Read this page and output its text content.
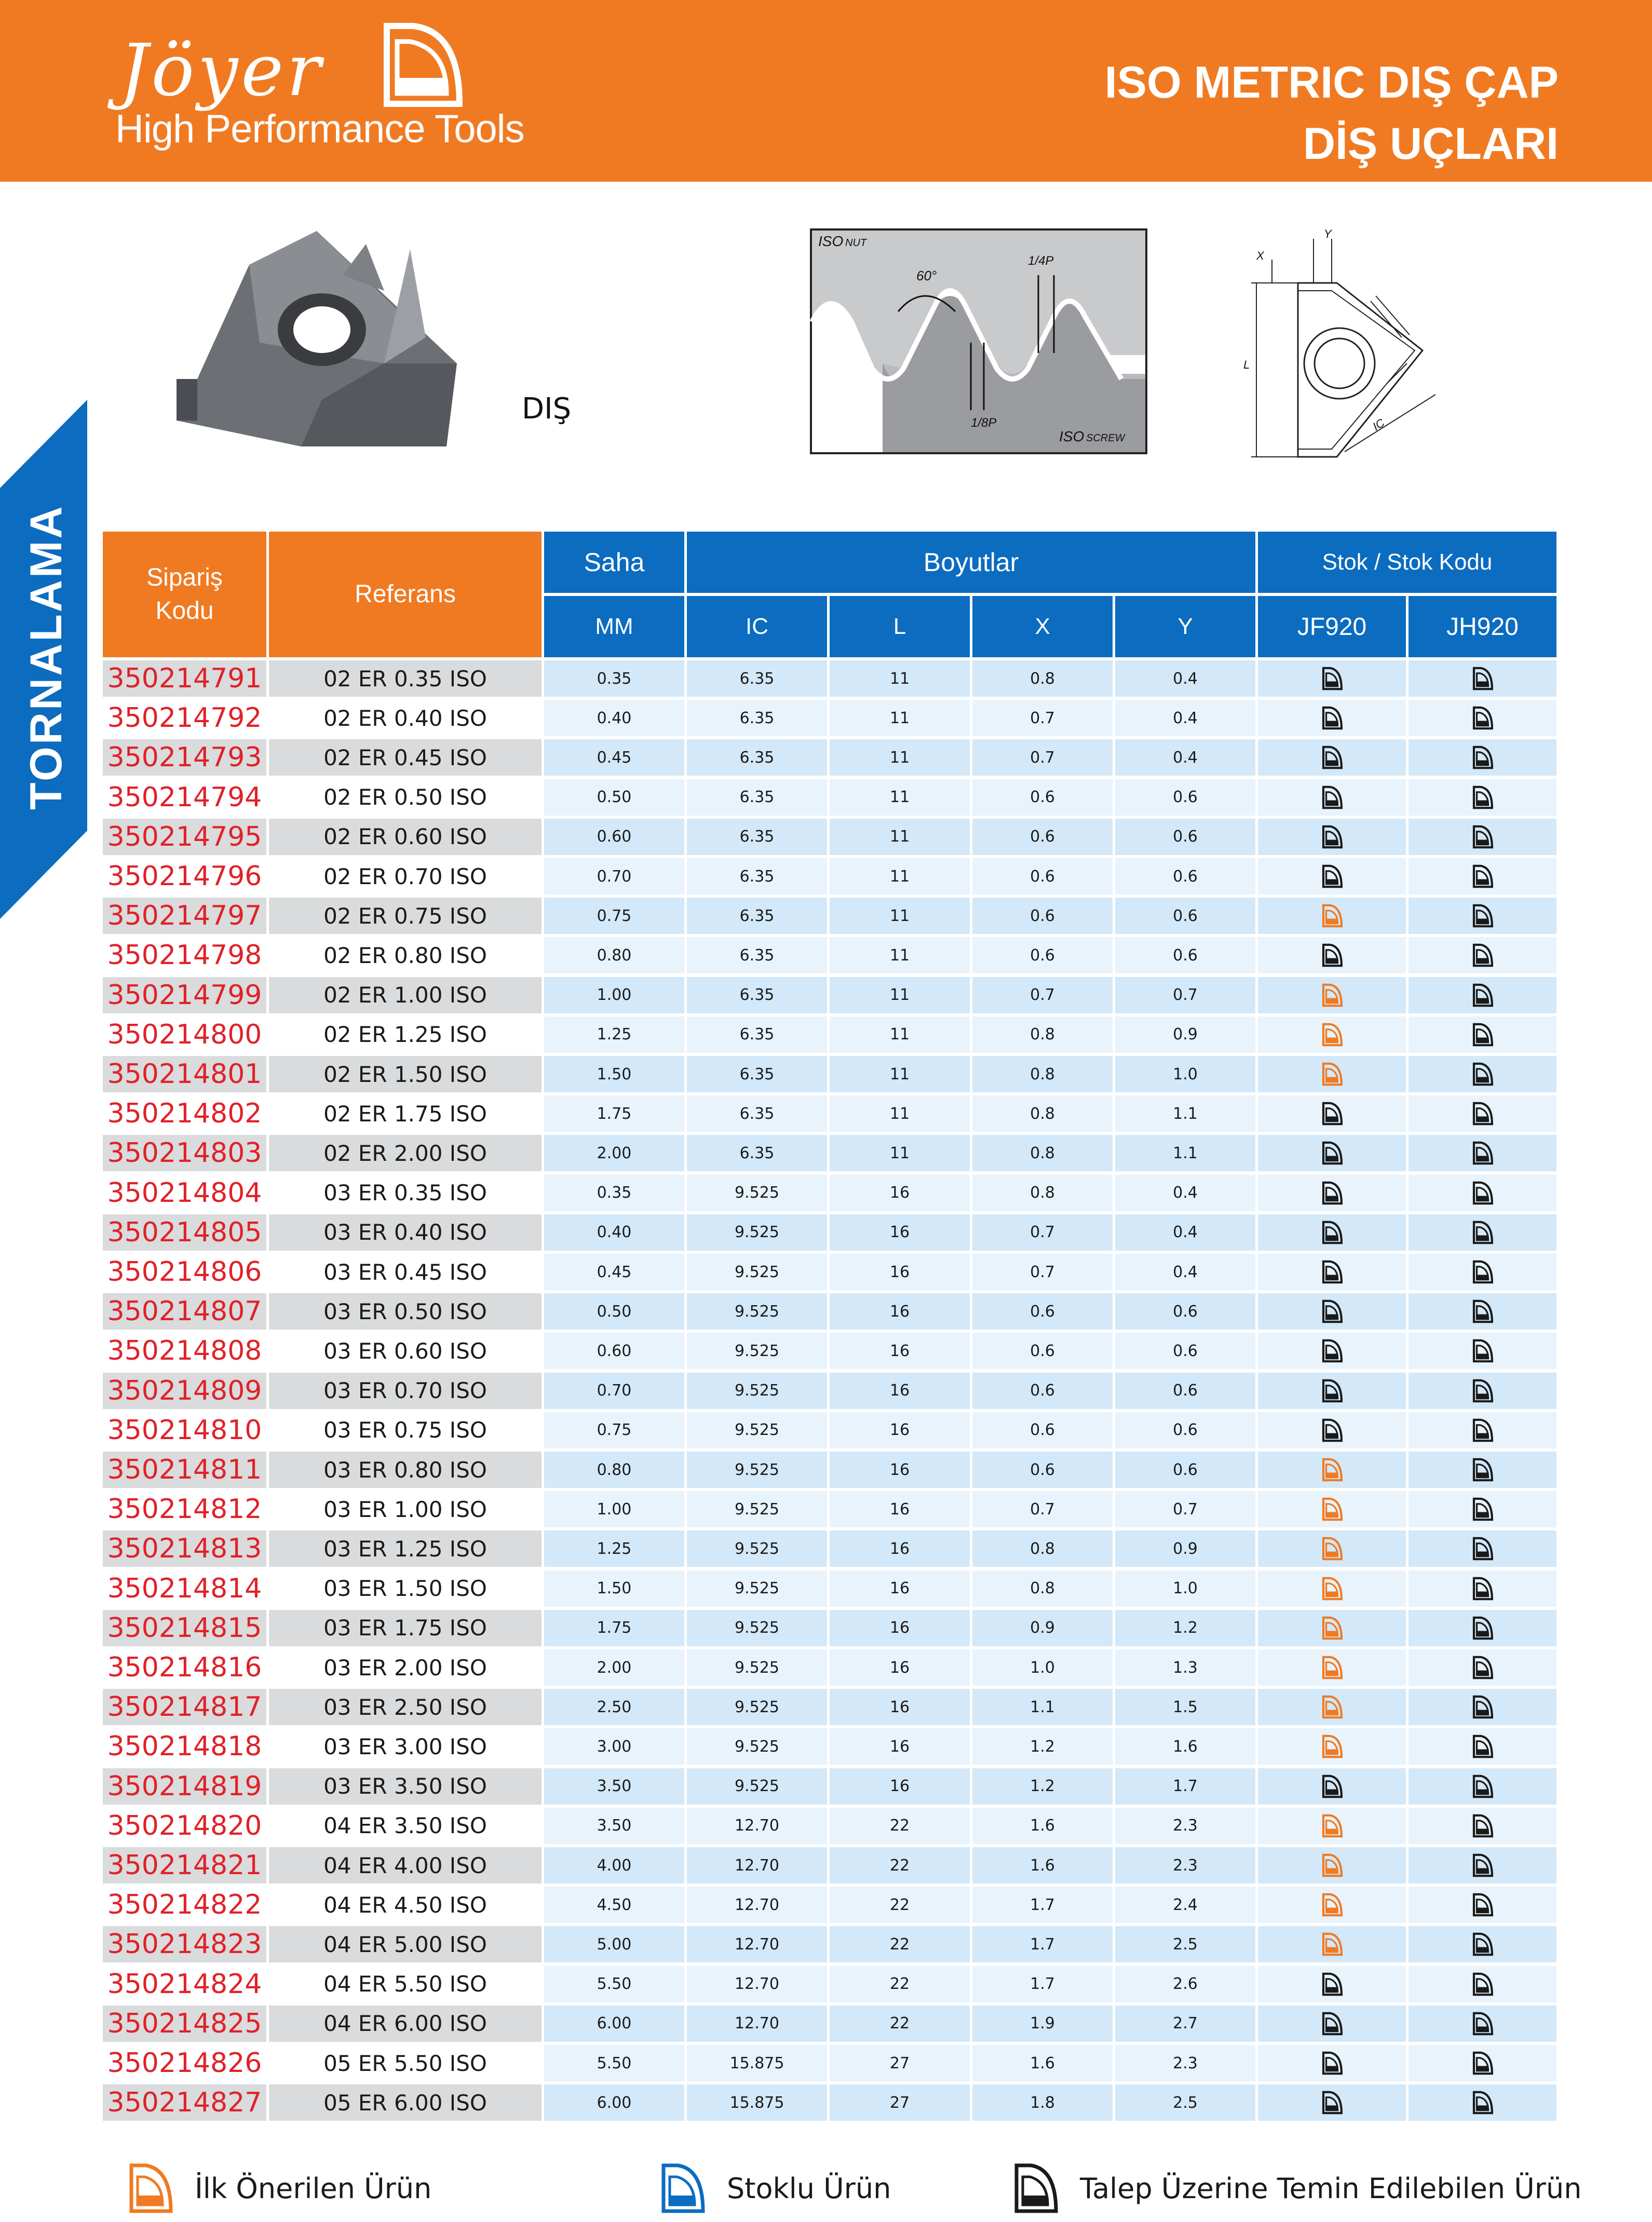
Jöyer
High Performance Tools
ISO METRIC DIŞ ÇAP
DİŞ UÇLARI
TORNALAMA
DIŞ
ISO NUT
60°
1/4P
1/8P
ISO SCREW
X
Y
L
IC
Sipariş Kodu
Referans
Saha	Boyutlar	Stok / Stok Kodu
MM	IC	L	X	Y	JF920	JH920
350214791	02 ER 0.35 ISO	0.35	6.35	11	0.8	0.4
350214792	02 ER 0.40 ISO	0.40	6.35	11	0.7	0.4
350214793	02 ER 0.45 ISO	0.45	6.35	11	0.7	0.4
350214794	02 ER 0.50 ISO	0.50	6.35	11	0.6	0.6
350214795	02 ER 0.60 ISO	0.60	6.35	11	0.6	0.6
350214796	02 ER 0.70 ISO	0.70	6.35	11	0.6	0.6
350214797	02 ER 0.75 ISO	0.75	6.35	11	0.6	0.6
350214798	02 ER 0.80 ISO	0.80	6.35	11	0.6	0.6
350214799	02 ER 1.00 ISO	1.00	6.35	11	0.7	0.7
350214800	02 ER 1.25 ISO	1.25	6.35	11	0.8	0.9
350214801	02 ER 1.50 ISO	1.50	6.35	11	0.8	1.0
350214802	02 ER 1.75 ISO	1.75	6.35	11	0.8	1.1
350214803	02 ER 2.00 ISO	2.00	6.35	11	0.8	1.1
350214804	03 ER 0.35 ISO	0.35	9.525	16	0.8	0.4
350214805	03 ER 0.40 ISO	0.40	9.525	16	0.7	0.4
350214806	03 ER 0.45 ISO	0.45	9.525	16	0.7	0.4
350214807	03 ER 0.50 ISO	0.50	9.525	16	0.6	0.6
350214808	03 ER 0.60 ISO	0.60	9.525	16	0.6	0.6
350214809	03 ER 0.70 ISO	0.70	9.525	16	0.6	0.6
350214810	03 ER 0.75 ISO	0.75	9.525	16	0.6	0.6
350214811	03 ER 0.80 ISO	0.80	9.525	16	0.6	0.6
350214812	03 ER 1.00 ISO	1.00	9.525	16	0.7	0.7
350214813	03 ER 1.25 ISO	1.25	9.525	16	0.8	0.9
350214814	03 ER 1.50 ISO	1.50	9.525	16	0.8	1.0
350214815	03 ER 1.75 ISO	1.75	9.525	16	0.9	1.2
350214816	03 ER 2.00 ISO	2.00	9.525	16	1.0	1.3
350214817	03 ER 2.50 ISO	2.50	9.525	16	1.1	1.5
350214818	03 ER 3.00 ISO	3.00	9.525	16	1.2	1.6
350214819	03 ER 3.50 ISO	3.50	9.525	16	1.2	1.7
350214820	04 ER 3.50 ISO	3.50	12.70	22	1.6	2.3
350214821	04 ER 4.00 ISO	4.00	12.70	22	1.6	2.3
350214822	04 ER 4.50 ISO	4.50	12.70	22	1.7	2.4
350214823	04 ER 5.00 ISO	5.00	12.70	22	1.7	2.5
350214824	04 ER 5.50 ISO	5.50	12.70	22	1.7	2.6
350214825	04 ER 6.00 ISO	6.00	12.70	22	1.9	2.7
350214826	05 ER 5.50 ISO	5.50	15.875	27	1.6	2.3
350214827	05 ER 6.00 ISO	6.00	15.875	27	1.8	2.5
İlk Önerilen Ürün	Stoklu Ürün	Talep Üzerine Temin Edilebilen Ürün
